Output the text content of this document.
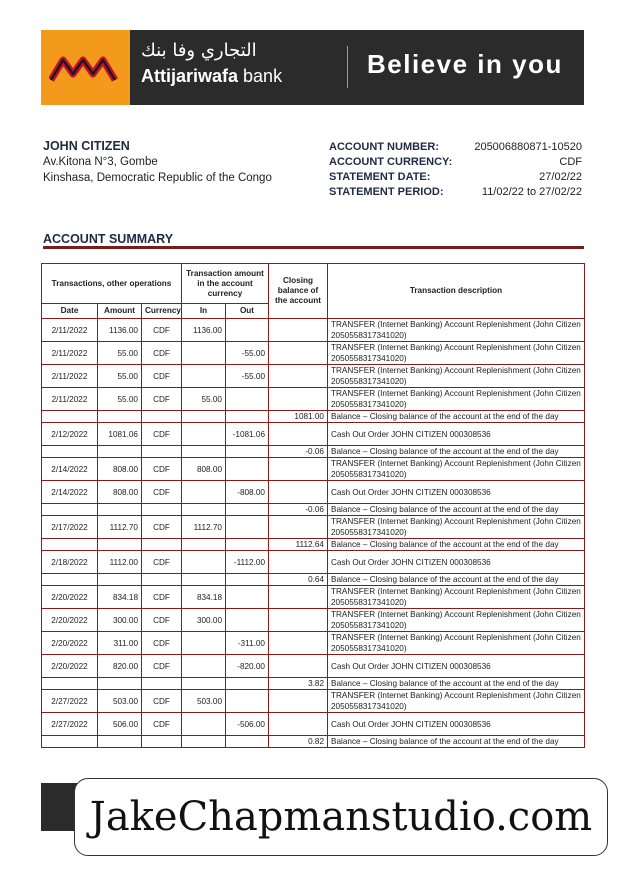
التجاري وفا بنك
Attijariwafa bank	Believe in you
JOHN CITIZEN
Av.Kitona N°3, Gombe
Kinshasa, Democratic Republic of the Congo
ACCOUNT NUMBER:	205006880871-10520
ACCOUNT CURRENCY:	CDF
STATEMENT DATE:	27/02/22
STATEMENT PERIOD:	11/02/22 to 27/02/22
ACCOUNT SUMMARY
Transactions, other operations			Transaction amount in the account currency		Closing balance of the account	Transaction description
Date	Amount	Currency	In	Out		
2/11/2022	1136.00	CDF	1136.00			TRANSFER (Internet Banking) Account Replenishment (John Citizen 2050558317341020)
2/11/2022	55.00	CDF		-55.00		TRANSFER (Internet Banking) Account Replenishment (John Citizen 2050558317341020)
2/11/2022	55.00	CDF		-55.00		TRANSFER (Internet Banking) Account Replenishment (John Citizen 2050558317341020)
2/11/2022	55.00	CDF	55.00			TRANSFER (Internet Banking) Account Replenishment (John Citizen 2050558317341020)
					1081.00	Balance – Closing balance of the account at the end of the day
2/12/2022	1081.06	CDF		-1081.06		Cash Out Order JOHN CITIZEN 000308536
					-0.06	Balance – Closing balance of the account at the end of the day
2/14/2022	808.00	CDF	808.00			TRANSFER (Internet Banking) Account Replenishment (John Citizen 2050558317341020)
2/14/2022	808.00	CDF		-808.00		Cash Out Order JOHN CITIZEN 000308536
					-0.06	Balance – Closing balance of the account at the end of the day
2/17/2022	1112.70	CDF	1112.70			TRANSFER (Internet Banking) Account Replenishment (John Citizen 2050558317341020)
					1112.64	Balance – Closing balance of the account at the end of the day
2/18/2022	1112.00	CDF		-1112.00		Cash Out Order JOHN CITIZEN 000308536
					0.64	Balance – Closing balance of the account at the end of the day
2/20/2022	834.18	CDF	834.18			TRANSFER (Internet Banking) Account Replenishment (John Citizen 2050558317341020)
2/20/2022	300.00	CDF	300.00			TRANSFER (Internet Banking) Account Replenishment (John Citizen 2050558317341020)
2/20/2022	311.00	CDF		-311.00		TRANSFER (Internet Banking) Account Replenishment (John Citizen 2050558317341020)
2/20/2022	820.00	CDF		-820.00		Cash Out Order JOHN CITIZEN 000308536
					3.82	Balance – Closing balance of the account at the end of the day
2/27/2022	503.00	CDF	503.00			TRANSFER (Internet Banking) Account Replenishment (John Citizen 2050558317341020)
2/27/2022	506.00	CDF		-506.00		Cash Out Order JOHN CITIZEN 000308536
					0.82	Balance – Closing balance of the account at the end of the day
JakeChapmanstudio.com
